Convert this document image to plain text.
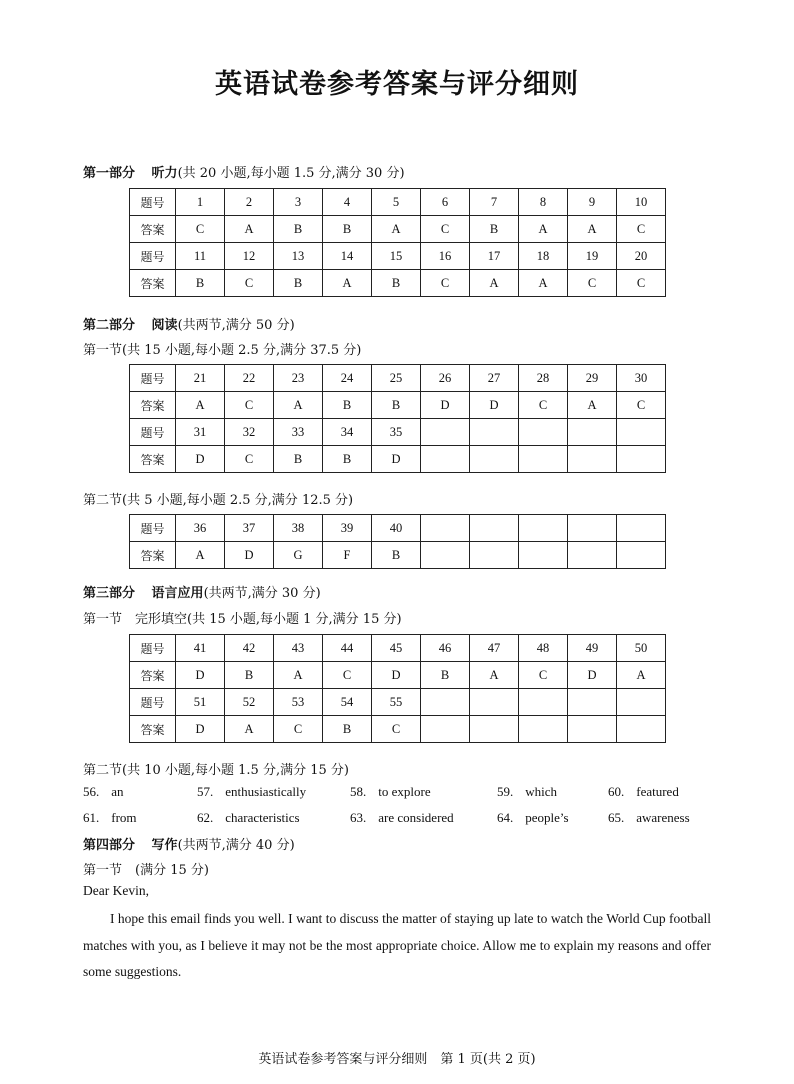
英语试卷参考答案与评分细则
第一部分 听力(共 20 小题,每小题 1.5 分,满分 30 分)
题号	1	2	3	4	5	6	7	8	9	10
答案	C	A	B	B	A	C	B	A	A	C
题号	11	12	13	14	15	16	17	18	19	20
答案	B	C	B	A	B	C	A	A	C	C
第二部分 阅读(共两节,满分 50 分)
第一节(共 15 小题,每小题 2.5 分,满分 37.5 分)
题号	21	22	23	24	25	26	27	28	29	30
答案	A	C	A	B	B	D	D	C	A	C
题号	31	32	33	34	35					
答案	D	C	B	B	D					
第二节(共 5 小题,每小题 2.5 分,满分 12.5 分)
题号	36	37	38	39	40					
答案	A	D	G	F	B					
第三部分 语言应用(共两节,满分 30 分)
第一节　完形填空(共 15 小题,每小题 1 分,满分 15 分)
题号	41	42	43	44	45	46	47	48	49	50
答案	D	B	A	C	D	B	A	C	D	A
题号	51	52	53	54	55					
答案	D	A	C	B	C					
第二节(共 10 小题,每小题 1.5 分,满分 15 分)
56. an	57. enthusiastically	58. to explore	59. which	60. featured
61. from	62. characteristics	63. are considered	64. people’s	65. awareness
第四部分 写作(共两节,满分 40 分)
第一节　(满分 15 分)
Dear Kevin,

I hope this email finds you well. I want to discuss the matter of staying up late to watch the World Cup football matches with you, as I believe it may not be the most appropriate choice. Allow me to explain my reasons and offer some suggestions.

英语试卷参考答案与评分细则　第 1 页(共 2 页)
